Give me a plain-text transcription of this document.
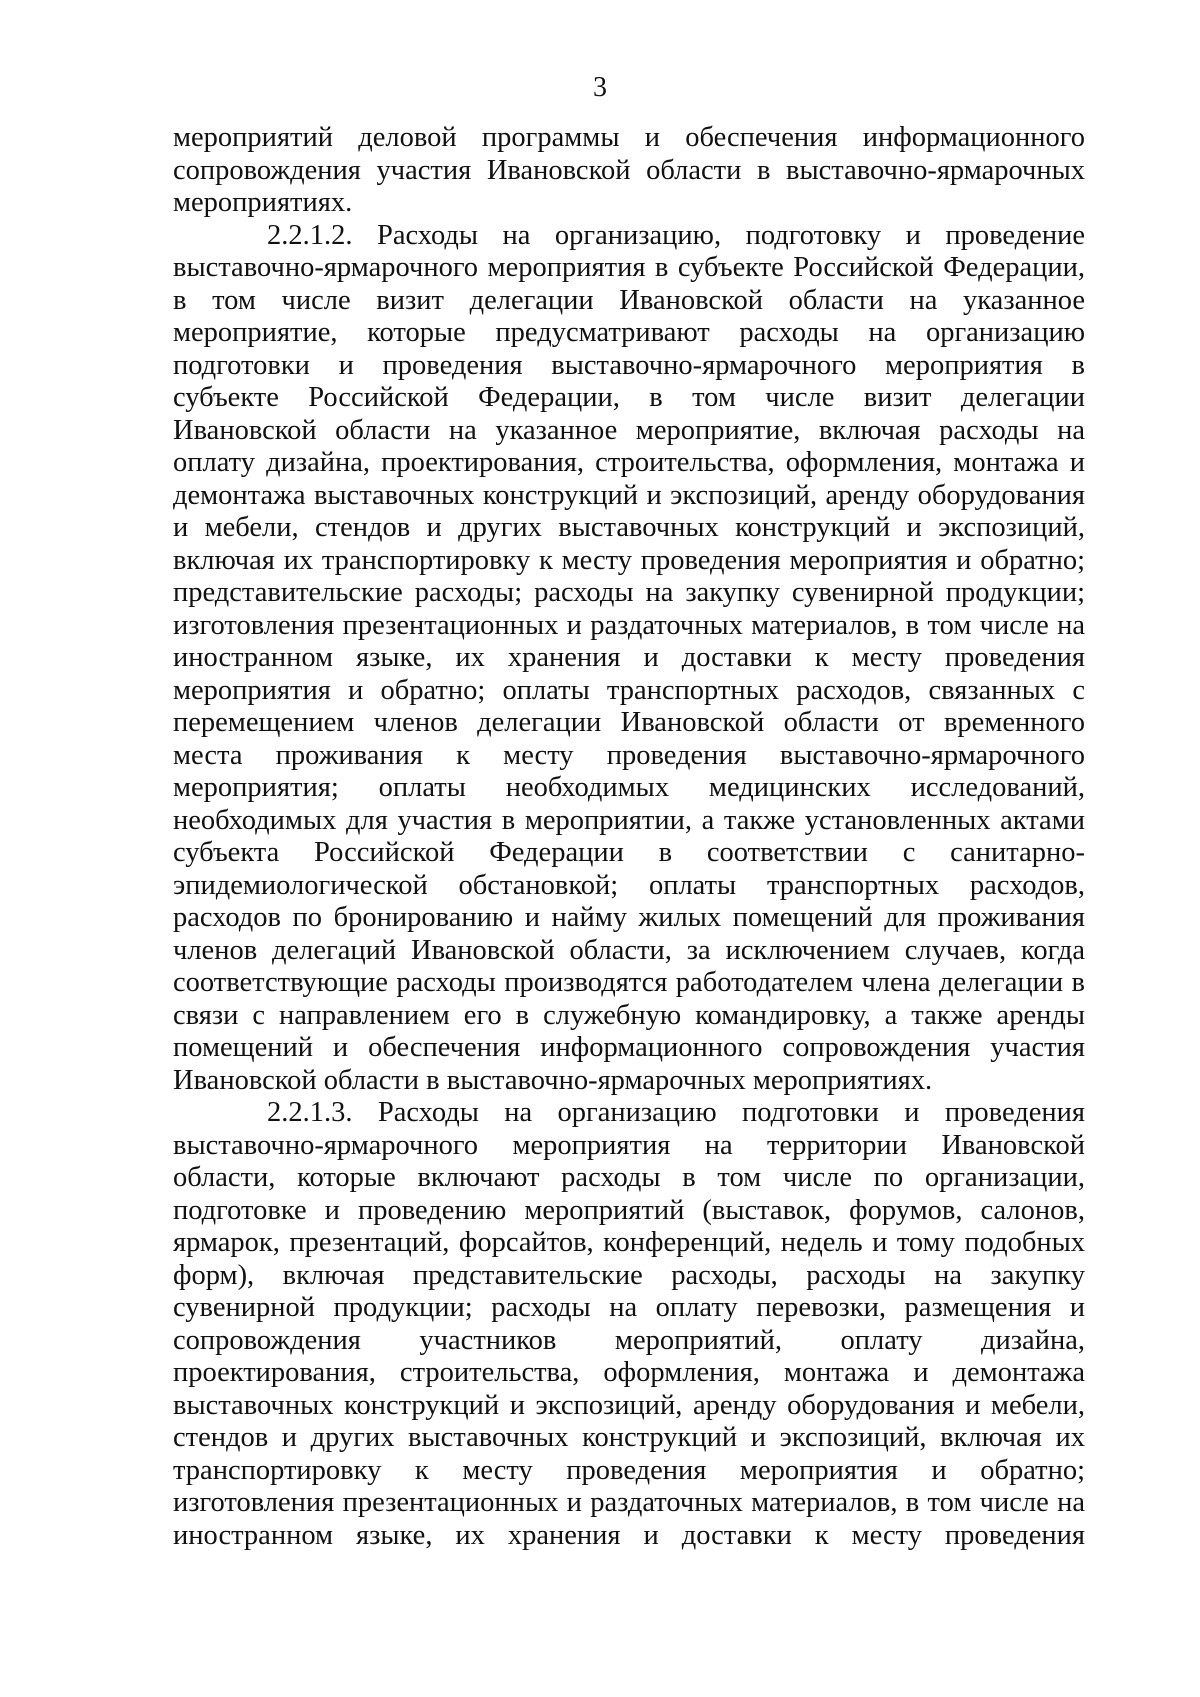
3
мероприятий деловой программы и обеспечения информационного
сопровождения участия Ивановской области в выставочно-ярмарочных
мероприятиях.
2.2.1.2. Расходы на организацию, подготовку и проведение
выставочно-ярмарочного мероприятия в субъекте Российской Федерации,
в том числе визит делегации Ивановской области на указанное
мероприятие, которые предусматривают расходы на организацию
подготовки и проведения выставочно-ярмарочного мероприятия в
субъекте Российской Федерации, в том числе визит делегации
Ивановской области на указанное мероприятие, включая расходы на
оплату дизайна, проектирования, строительства, оформления, монтажа и
демонтажа выставочных конструкций и экспозиций, аренду оборудования
и мебели, стендов и других выставочных конструкций и экспозиций,
включая их транспортировку к месту проведения мероприятия и обратно;
представительские расходы; расходы на закупку сувенирной продукции;
изготовления презентационных и раздаточных материалов, в том числе на
иностранном языке, их хранения и доставки к месту проведения
мероприятия и обратно; оплаты транспортных расходов, связанных с
перемещением членов делегации Ивановской области от временного
места проживания к месту проведения выставочно-ярмарочного
мероприятия; оплаты необходимых медицинских исследований,
необходимых для участия в мероприятии, а также установленных актами
субъекта Российской Федерации в соответствии с санитарно-
эпидемиологической обстановкой; оплаты транспортных расходов,
расходов по бронированию и найму жилых помещений для проживания
членов делегаций Ивановской области, за исключением случаев, когда
соответствующие расходы производятся работодателем члена делегации в
связи с направлением его в служебную командировку, а также аренды
помещений и обеспечения информационного сопровождения участия
Ивановской области в выставочно-ярмарочных мероприятиях.
2.2.1.3. Расходы на организацию подготовки и проведения
выставочно-ярмарочного мероприятия на территории Ивановской
области, которые включают расходы в том числе по организации,
подготовке и проведению мероприятий (выставок, форумов, салонов,
ярмарок, презентаций, форсайтов, конференций, недель и тому подобных
форм), включая представительские расходы, расходы на закупку
сувенирной продукции; расходы на оплату перевозки, размещения и
сопровождения участников мероприятий, оплату дизайна,
проектирования, строительства, оформления, монтажа и демонтажа
выставочных конструкций и экспозиций, аренду оборудования и мебели,
стендов и других выставочных конструкций и экспозиций, включая их
транспортировку к месту проведения мероприятия и обратно;
изготовления презентационных и раздаточных материалов, в том числе на
иностранном языке, их хранения и доставки к месту проведения
